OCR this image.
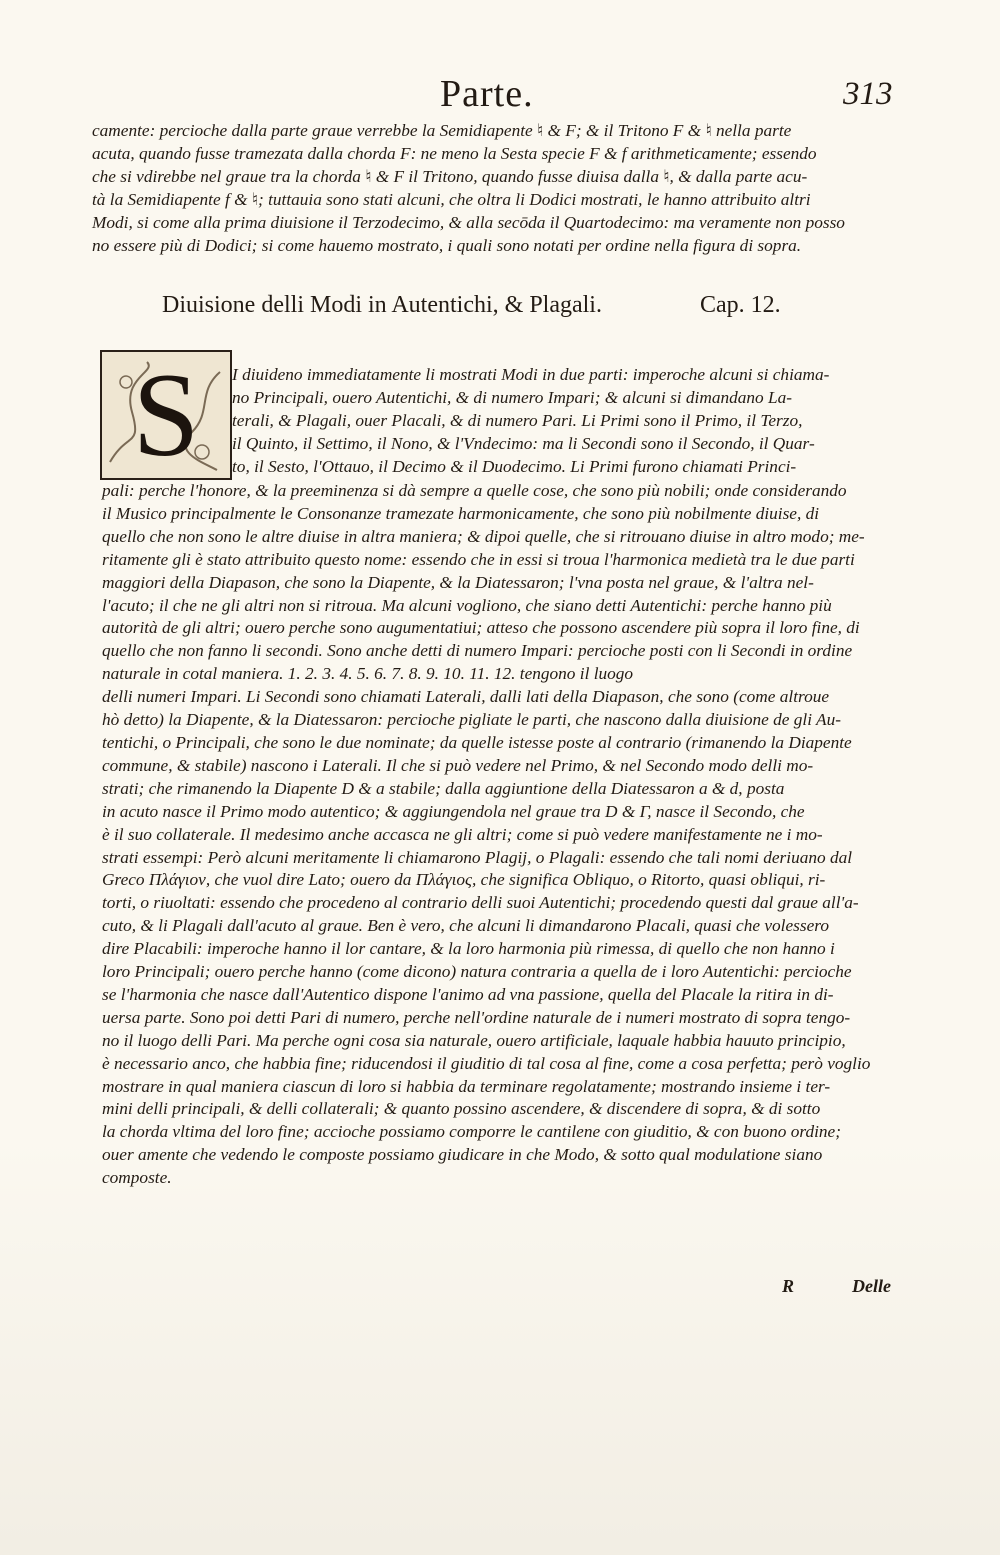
Parte.	313

camente: percioche dalla parte graue verrebbe la Semidiapente ♮ & F; & il Tritono F & ♮ nella parte

acuta, quando fusse tramezata dalla chorda F: ne meno la Sesta specie F & f arithmeticamente; essendo

che si vdirebbe nel graue tra la chorda ♮ & F il Tritono, quando fusse diuisa dalla ♮, & dalla parte acu-

tà la Semidiapente f & ♮; tuttauia sono stati alcuni, che oltra li Dodici mostrati, le hanno attribuito altri

Modi, si come alla prima diuisione il Terzodecimo, & alla secōda il Quartodecimo: ma veramente non posso

no essere più di Dodici; si come hauemo mostrato, i quali sono notati per ordine nella figura di sopra.

Diuisione delli Modi in Autentichi, & Plagali.	Cap. 12.
S	I diuideno immediatamente li mostrati Modi in due parti: imperoche alcuni si chiama-

no Principali, ouero Autentichi, & di numero Impari; & alcuni si dimandano La-

terali, & Plagali, ouer Placali, & di numero Pari. Li Primi sono il Primo, il Terzo,

il Quinto, il Settimo, il Nono, & l'Vndecimo: ma li Secondi sono il Secondo, il Quar-

to, il Sesto, l'Ottauo, il Decimo & il Duodecimo. Li Primi furono chiamati Princi-

pali: perche l'honore, & la preeminenza si dà sempre a quelle cose, che sono più nobili; onde considerando

il Musico principalmente le Consonanze tramezate harmonicamente, che sono più nobilmente diuise, di

quello che non sono le altre diuise in altra maniera; & dipoi quelle, che si ritrouano diuise in altro modo; me-

ritamente gli è stato attribuito questo nome: essendo che in essi si troua l'harmonica medietà tra le due parti

maggiori della Diapason, che sono la Diapente, & la Diatessaron; l'vna posta nel graue, & l'altra nel-

l'acuto; il che ne gli altri non si ritroua. Ma alcuni vogliono, che siano detti Autentichi: perche hanno più

autorità de gli altri; ouero perche sono augumentatiui; atteso che possono ascendere più sopra il loro fine, di

quello che non fanno li secondi. Sono anche detti di numero Impari: percioche posti con li Secondi in ordine

naturale in cotal maniera. 1. 2. 3. 4. 5. 6. 7. 8. 9. 10. 11. 12. tengono il luogo

delli numeri Impari. Li Secondi sono chiamati Laterali, dalli lati della Diapason, che sono (come altroue

hò detto) la Diapente, & la Diatessaron: percioche pigliate le parti, che nascono dalla diuisione de gli Au-

tentichi, o Principali, che sono le due nominate; da quelle istesse poste al contrario (rimanendo la Diapente

commune, & stabile) nascono i Laterali. Il che si può vedere nel Primo, & nel Secondo modo delli mo-

strati; che rimanendo la Diapente D & a stabile; dalla aggiuntione della Diatessaron a & d, posta

in acuto nasce il Primo modo autentico; & aggiungendola nel graue tra D & Γ, nasce il Secondo, che

è il suo collaterale. Il medesimo anche accasca ne gli altri; come si può vedere manifestamente ne i mo-

strati essempi: Però alcuni meritamente li chiamarono Plagij, o Plagali: essendo che tali nomi deriuano dal

Greco Πλάγιον, che vuol dire Lato; ouero da Πλάγιος, che significa Obliquo, o Ritorto, quasi obliqui, ri-

torti, o riuoltati: essendo che procedeno al contrario delli suoi Autentichi; procedendo questi dal graue all'a-

cuto, & li Plagali dall'acuto al graue. Ben è vero, che alcuni li dimandarono Placali, quasi che volessero

dire Placabili: imperoche hanno il lor cantare, & la loro harmonia più rimessa, di quello che non hanno i

loro Principali; ouero perche hanno (come dicono) natura contraria a quella de i loro Autentichi: percioche

se l'harmonia che nasce dall'Autentico dispone l'animo ad vna passione, quella del Placale la ritira in di-

uersa parte. Sono poi detti Pari di numero, perche nell'ordine naturale de i numeri mostrato di sopra tengo-

no il luogo delli Pari. Ma perche ogni cosa sia naturale, ouero artificiale, laquale habbia hauuto principio,

è necessario anco, che habbia fine; riducendosi il giuditio di tal cosa al fine, come a cosa perfetta; però voglio

mostrare in qual maniera ciascun di loro si habbia da terminare regolatamente; mostrando insieme i ter-

mini delli principali, & delli collaterali; & quanto possino ascendere, & discendere di sopra, & di sotto

la chorda vltima del loro fine; accioche possiamo comporre le cantilene con giuditio, & con buono ordine;

ouer amente che vedendo le composte possiamo giudicare in che Modo, & sotto qual modulatione siano

composte.

R	Delle
